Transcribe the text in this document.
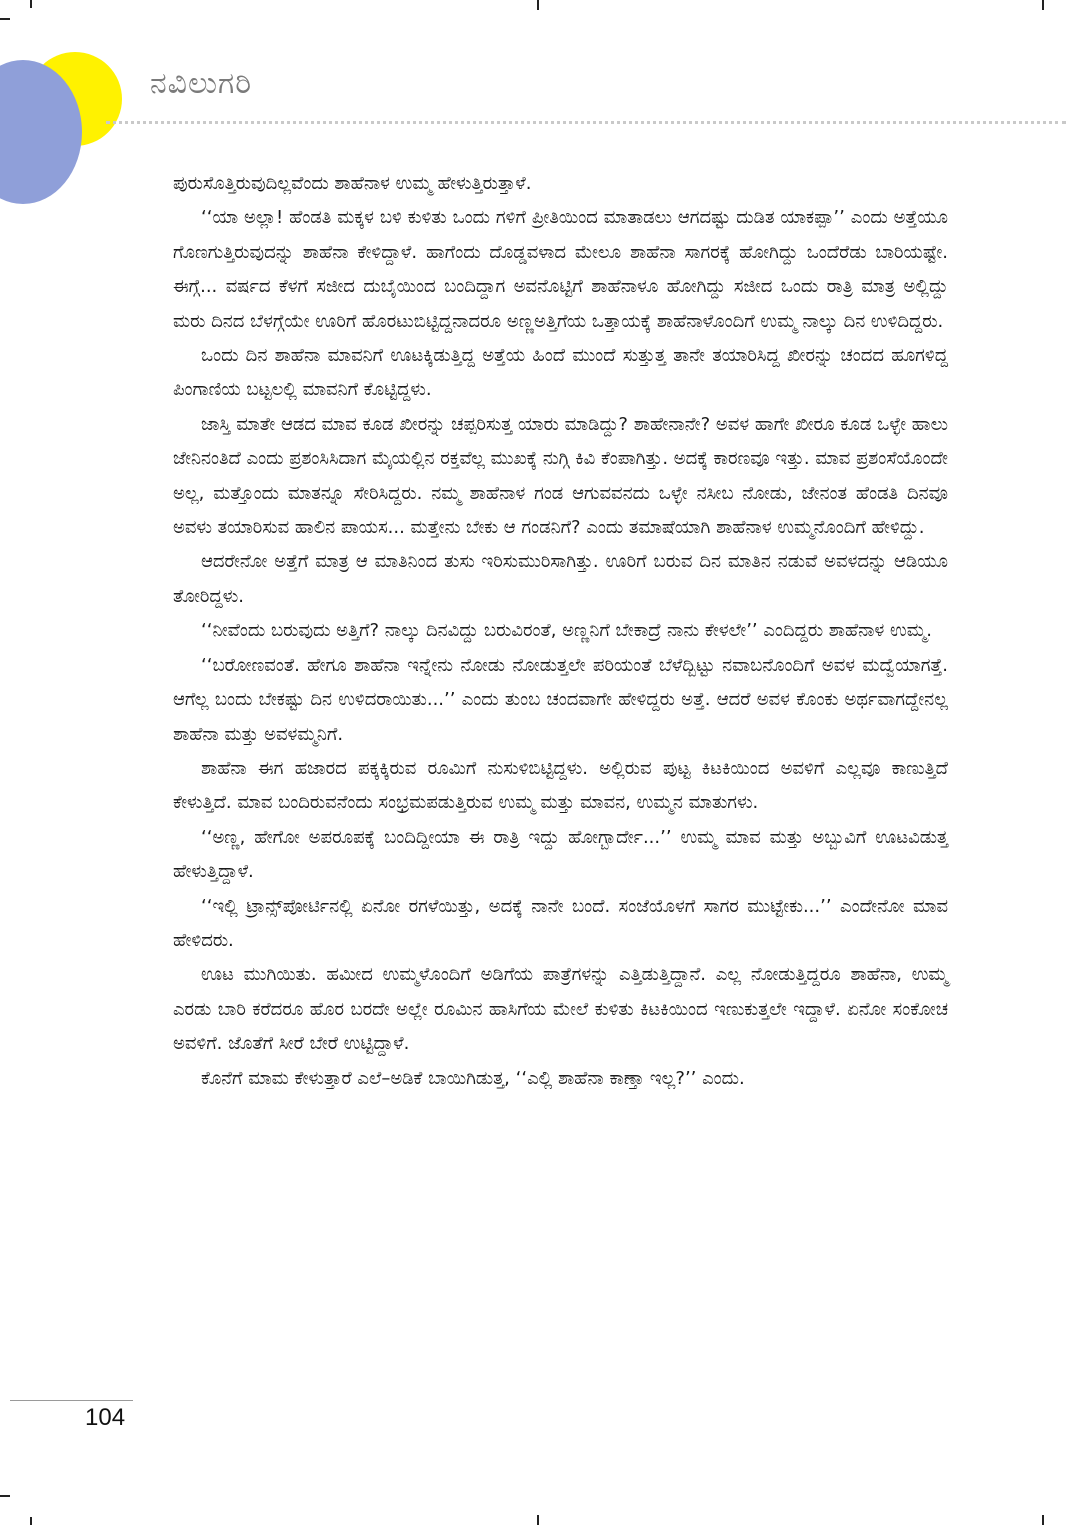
ನವಿಲುಗರಿ

ಪುರುಸೊತ್ತಿರುವುದಿಲ್ಲವೆಂದು ಶಾಹೆನಾಳ ಉಮ್ಮ ಹೇಳುತ್ತಿರುತ್ತಾಳೆ.

‘‘ಯಾ ಅಲ್ಲಾ! ಹೆಂಡತಿ ಮಕ್ಕಳ ಬಳಿ ಕುಳಿತು ಒಂದು ಗಳಿಗೆ ಪ್ರೀತಿಯಿಂದ ಮಾತಾಡಲು ಆಗದಷ್ಟು ದುಡಿತ ಯಾಕಪ್ಪಾ’’ ಎಂದು ಅತ್ತೆಯೂ ಗೊಣಗುತ್ತಿರುವುದನ್ನು ಶಾಹೆನಾ ಕೇಳಿದ್ದಾಳೆ. ಹಾಗೆಂದು ದೊಡ್ಡವಳಾದ ಮೇಲೂ ಶಾಹೆನಾ ಸಾಗರಕ್ಕೆ ಹೋಗಿದ್ದು ಒಂದೆರೆಡು ಬಾರಿಯಷ್ಟೇ. ಈಗ್ಗೆ... ವರ್ಷದ ಕೆಳಗೆ ಸಜೀದ ದುಬೈಯಿಂದ ಬಂದಿದ್ದಾಗ ಅವನೊಟ್ಟಿಗೆ ಶಾಹೆನಾಳೂ ಹೋಗಿದ್ದು ಸಜೀದ ಒಂದು ರಾತ್ರಿ ಮಾತ್ರ ಅಲ್ಲಿದ್ದು ಮರು ದಿನದ ಬೆಳಗ್ಗೆಯೇ ಊರಿಗೆ ಹೊರಟುಬಿಟ್ಟಿದ್ದನಾದರೂ ಅಣ್ಣಅತ್ತಿಗೆಯ ಒತ್ತಾಯಕ್ಕೆ ಶಾಹೆನಾಳೊಂದಿಗೆ ಉಮ್ಮ ನಾಲ್ಕು ದಿನ ಉಳಿದಿದ್ದರು.

ಒಂದು ದಿನ ಶಾಹೆನಾ ಮಾವನಿಗೆ ಊಟಕ್ಕಿಡುತ್ತಿದ್ದ ಅತ್ತೆಯ ಹಿಂದೆ ಮುಂದೆ ಸುತ್ತುತ್ತ ತಾನೇ ತಯಾರಿಸಿದ್ದ ಖೀರನ್ನು ಚಂದದ ಹೂಗಳಿದ್ದ ಪಿಂಗಾಣಿಯ ಬಟ್ಟಲಲ್ಲಿ ಮಾವನಿಗೆ ಕೊಟ್ಟಿದ್ದಳು.

ಜಾಸ್ತಿ ಮಾತೇ ಆಡದ ಮಾವ ಕೂಡ ಖೀರನ್ನು ಚಪ್ಪರಿಸುತ್ತ ಯಾರು ಮಾಡಿದ್ದು? ಶಾಹೇನಾನೇ? ಅವಳ ಹಾಗೇ ಖೀರೂ ಕೂಡ ಒಳ್ಳೇ ಹಾಲು ಜೇನಿನಂತಿದೆ ಎಂದು ಪ್ರಶಂಸಿಸಿದಾಗ ಮೈಯಲ್ಲಿನ ರಕ್ತವೆಲ್ಲ ಮುಖಕ್ಕೆ ನುಗ್ಗಿ ಕಿವಿ ಕೆಂಪಾಗಿತ್ತು. ಅದಕ್ಕೆ ಕಾರಣವೂ ಇತ್ತು. ಮಾವ ಪ್ರಶಂಸೆಯೊಂದೇ ಅಲ್ಲ, ಮತ್ತೊಂದು ಮಾತನ್ನೂ ಸೇರಿಸಿದ್ದರು. ನಮ್ಮ ಶಾಹೆನಾಳ ಗಂಡ ಆಗುವವನದು ಒಳ್ಳೇ ನಸೀಬ ನೋಡು, ಜೇನಂತ ಹೆಂಡತಿ ದಿನವೂ ಅವಳು ತಯಾರಿಸುವ ಹಾಲಿನ ಪಾಯಸ... ಮತ್ತೇನು ಬೇಕು ಆ ಗಂಡನಿಗೆ? ಎಂದು ತಮಾಷೆಯಾಗಿ ಶಾಹೆನಾಳ ಉಮ್ಮನೊಂದಿಗೆ ಹೇಳಿದ್ದು.

ಆದರೇನೋ ಅತ್ತೆಗೆ ಮಾತ್ರ ಆ ಮಾತಿನಿಂದ ತುಸು ಇರಿಸುಮುರಿಸಾಗಿತ್ತು. ಊರಿಗೆ ಬರುವ ದಿನ ಮಾತಿನ ನಡುವೆ ಅವಳದನ್ನು ಆಡಿಯೂ ತೋರಿದ್ದಳು.

‘‘ನೀವೆಂದು ಬರುವುದು ಅತ್ತಿಗೆ? ನಾಲ್ಕು ದಿನವಿದ್ದು ಬರುವಿರಂತೆ, ಅಣ್ಣನಿಗೆ ಬೇಕಾದ್ರೆ ನಾನು ಕೇಳಲೇ’’ ಎಂದಿದ್ದರು ಶಾಹೆನಾಳ ಉಮ್ಮ.

‘‘ಬರೋಣವಂತೆ. ಹೇಗೂ ಶಾಹೆನಾ ಇನ್ನೇನು ನೋಡು ನೋಡುತ್ತಲೇ ಪರಿಯಂತೆ ಬೆಳೆದ್ಬಿಟ್ಟು ನವಾಬನೊಂದಿಗೆ ಅವಳ ಮದ್ವೆಯಾಗತ್ತೆ. ಆಗೆಲ್ಲ ಬಂದು ಬೇಕಷ್ಟು ದಿನ ಉಳಿದರಾಯಿತು...’’ ಎಂದು ತುಂಬ ಚಂದವಾಗೇ ಹೇಳಿದ್ದರು ಅತ್ತೆ. ಆದರೆ ಅವಳ ಕೊಂಕು ಅರ್ಥವಾಗದ್ದೇನಲ್ಲ ಶಾಹೆನಾ ಮತ್ತು ಅವಳಮ್ಮನಿಗೆ.

ಶಾಹೆನಾ ಈಗ ಹಜಾರದ ಪಕ್ಕಕ್ಕಿರುವ ರೂಮಿಗೆ ನುಸುಳಿಬಿಟ್ಟಿದ್ದಳು. ಅಲ್ಲಿರುವ ಪುಟ್ಟ ಕಿಟಕಿಯಿಂದ ಅವಳಿಗೆ ಎಲ್ಲವೂ ಕಾಣುತ್ತಿದೆ ಕೇಳುತ್ತಿದೆ. ಮಾವ ಬಂದಿರುವನೆಂದು ಸಂಭ್ರಮಪಡುತ್ತಿರುವ ಉಮ್ಮ ಮತ್ತು ಮಾವನ, ಉಮ್ಮನ ಮಾತುಗಳು.

‘‘ಅಣ್ಣ, ಹೇಗೋ ಅಪರೂಪಕ್ಕೆ ಬಂದಿದ್ದೀಯಾ ಈ ರಾತ್ರಿ ಇದ್ದು ಹೋಗ್ಬಾರ್ದೇ...’’ ಉಮ್ಮ ಮಾವ ಮತ್ತು ಅಬ್ಬುವಿಗೆ ಊಟವಿಡುತ್ತ ಹೇಳುತ್ತಿದ್ದಾಳೆ.

‘‘ಇಲ್ಲಿ ಟ್ರಾನ್ಸ್‌ಪೋರ್ಟಿನಲ್ಲಿ ಏನೋ ರಗಳೆಯಿತ್ತು, ಅದಕ್ಕೆ ನಾನೇ ಬಂದೆ. ಸಂಜೆಯೊಳಗೆ ಸಾಗರ ಮುಟ್ಟೇಕು...’’ ಎಂದೇನೋ ಮಾವ ಹೇಳಿದರು.

ಊಟ ಮುಗಿಯಿತು. ಹಮೀದ ಉಮ್ಮಳೊಂದಿಗೆ ಅಡಿಗೆಯ ಪಾತ್ರೆಗಳನ್ನು ಎತ್ತಿಡುತ್ತಿದ್ದಾನೆ. ಎಲ್ಲ ನೋಡುತ್ತಿದ್ದರೂ ಶಾಹೆನಾ, ಉಮ್ಮ ಎರಡು ಬಾರಿ ಕರೆದರೂ ಹೊರ ಬರದೇ ಅಲ್ಲೇ ರೂಮಿನ ಹಾಸಿಗೆಯ ಮೇಲೆ ಕುಳಿತು ಕಿಟಕಿಯಿಂದ ಇಣುಕುತ್ತಲೇ ಇದ್ದಾಳೆ. ಏನೋ ಸಂಕೋಚ ಅವಳಿಗೆ. ಜೊತೆಗೆ ಸೀರೆ ಬೇರೆ ಉಟ್ಟಿದ್ದಾಳೆ.

ಕೊನೆಗೆ ಮಾಮ ಕೇಳುತ್ತಾರೆ ಎಲೆ–ಅಡಿಕೆ ಬಾಯಿಗಿಡುತ್ತ, ‘‘ಎಲ್ಲಿ ಶಾಹೆನಾ ಕಾಣ್ತಾ ಇಲ್ಲ?’’ ಎಂದು.

104
